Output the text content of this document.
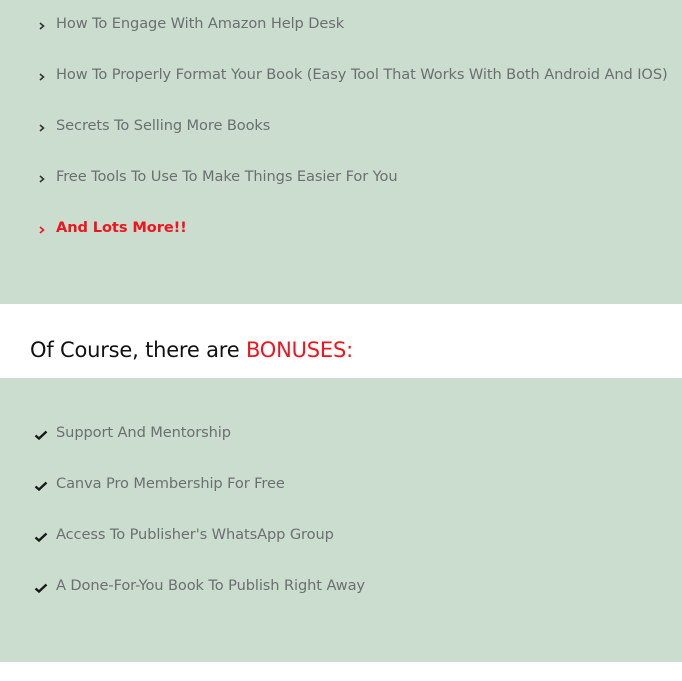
How To Engage With Amazon Help Desk
How To Properly Format Your Book (Easy Tool That Works With Both Android And IOS)
Secrets To Selling More Books
Free Tools To Use To Make Things Easier For You
And Lots More!!
Of Course, there are BONUSES:
Support And Mentorship
Canva Pro Membership For Free
Access To Publisher's WhatsApp Group
A Done-For-You Book To Publish Right Away
